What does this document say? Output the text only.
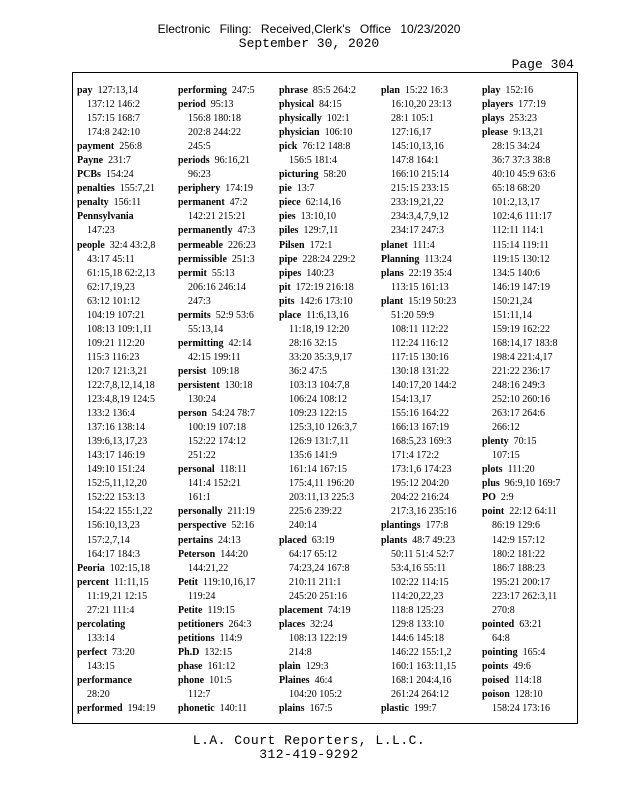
Electronic Filing: Received,Clerk's Office 10/23/2020
September 30, 2020
Page 304
pay 127:13,14
137:12 146:2
157:15 168:7
174:8 242:10
payment 256:8
Payne 231:7
PCBs 154:24
penalties 155:7,21
penalty 156:11
Pennsylvania
147:23
people 32:4 43:2,8
43:17 45:11
61:15,18 62:2,13
62:17,19,23
63:12 101:12
104:19 107:21
108:13 109:1,11
109:21 112:20
115:3 116:23
120:7 121:3,21
122:7,8,12,14,18
123:4,8,19 124:5
133:2 136:4
137:16 138:14
139:6,13,17,23
143:17 146:19
149:10 151:24
152:5,11,12,20
152:22 153:13
154:22 155:1,22
156:10,13,23
157:2,7,14
164:17 184:3
Peoria 102:15,18
percent 11:11,15
11:19,21 12:15
27:21 111:4
percolating
133:14
perfect 73:20
143:15
performance
28:20
performed 194:19
performing 247:5
period 95:13
156:8 180:18
202:8 244:22
245:5
periods 96:16,21
96:23
periphery 174:19
permanent 47:2
142:21 215:21
permanently 47:3
permeable 226:23
permissible 251:3
permit 55:13
206:16 246:14
247:3
permits 52:9 53:6
55:13,14
permitting 42:14
42:15 199:11
persist 109:18
persistent 130:18
130:24
person 54:24 78:7
100:19 107:18
152:22 174:12
251:22
personal 118:11
141:4 152:21
161:1
personally 211:19
perspective 52:16
pertains 24:13
Peterson 144:20
144:21,22
Petit 119:10,16,17
119:24
Petite 119:15
petitioners 264:3
petitions 114:9
Ph.D 132:15
phase 161:12
phone 101:5
112:7
phonetic 140:11
phrase 85:5 264:2
physical 84:15
physically 102:1
physician 106:10
pick 76:12 148:8
156:5 181:4
picturing 58:20
pie 13:7
piece 62:14,16
pies 13:10,10
piles 129:7,11
Pilsen 172:1
pipe 228:24 229:2
pipes 140:23
pit 172:19 216:18
pits 142:6 173:10
place 11:6,13,16
11:18,19 12:20
28:16 32:15
33:20 35:3,9,17
36:2 47:5
103:13 104:7,8
106:24 108:12
109:23 122:15
125:3,10 126:3,7
126:9 131:7,11
135:6 141:9
161:14 167:15
175:4,11 196:20
203:11,13 225:3
225:6 239:22
240:14
placed 63:19
64:17 65:12
74:23,24 167:8
210:11 211:1
245:20 251:16
placement 74:19
places 32:24
108:13 122:19
214:8
plain 129:3
Plaines 46:4
104:20 105:2
plains 167:5
plan 15:22 16:3
16:10,20 23:13
28:1 105:1
127:16,17
145:10,13,16
147:8 164:1
166:10 215:14
215:15 233:15
233:19,21,22
234:3,4,7,9,12
234:17 247:3
planet 111:4
Planning 113:24
plans 22:19 35:4
113:15 161:13
plant 15:19 50:23
51:20 59:9
108:11 112:22
112:24 116:12
117:15 130:16
130:18 131:22
140:17,20 144:2
154:13,17
155:16 164:22
166:13 167:19
168:5,23 169:3
171:4 172:2
173:1,6 174:23
195:12 204:20
204:22 216:24
217:3,16 235:16
plantings 177:8
plants 48:7 49:23
50:11 51:4 52:7
53:4,16 55:11
102:22 114:15
114:20,22,23
118:8 125:23
129:8 133:10
144:6 145:18
146:22 155:1,2
160:1 163:11,15
168:1 204:4,16
261:24 264:12
plastic 199:7
play 152:16
players 177:19
plays 253:23
please 9:13,21
28:15 34:24
36:7 37:3 38:8
40:10 45:9 63:6
65:18 68:20
101:2,13,17
102:4,6 111:17
112:11 114:1
115:14 119:11
119:15 130:12
134:5 140:6
146:19 147:19
150:21,24
151:11,14
159:19 162:22
168:14,17 183:8
198:4 221:4,17
221:22 236:17
248:16 249:3
252:10 260:16
263:17 264:6
266:12
plenty 70:15
107:15
plots 111:20
plus 96:9,10 169:7
PO 2:9
point 22:12 64:11
86:19 129:6
142:9 157:12
180:2 181:22
186:7 188:23
195:21 200:17
223:17 262:3,11
270:8
pointed 63:21
64:8
pointing 165:4
points 49:6
poised 114:18
poison 128:10
158:24 173:16
L.A. Court Reporters, L.L.C.
312-419-9292
